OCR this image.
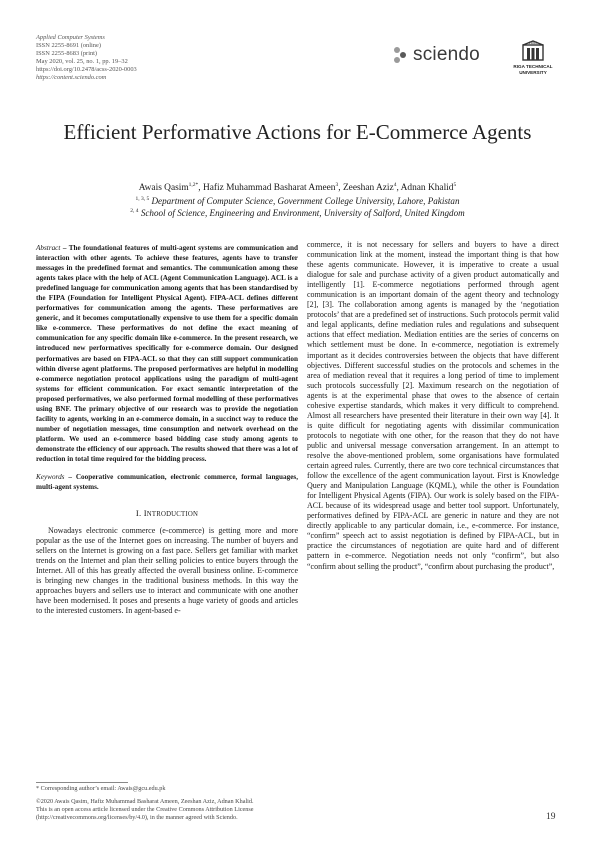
Applied Computer Systems
ISSN 2255-8691 (online)
ISSN 2255-8683 (print)
May 2020, vol. 25, no. 1, pp. 19–32
https://doi.org/10.2478/acss-2020-0003
https://content.sciendo.com
sciendo
1862
RIGA TECHNICAL
UNIVERSITY
Efficient Performative Actions for E-Commerce Agents
Awais Qasim$^{1,2*}$, Hafiz Muhammad Basharat Ameen$^3$, Zeeshan Aziz$^4$, Adnan Khalid$^5$
$^{1, 3, 5}$ Department of Computer Science, Government College University, Lahore, Pakistan
$^{2, 4}$ School of Science, Engineering and Environment, University of Salford, United Kingdom
Abstract – The foundational features of multi-agent systems are communication and interaction with other agents. To achieve these features, agents have to transfer messages in the predefined format and semantics. The communication among these agents takes place with the help of ACL (Agent Communication Language). ACL is a predefined language for communication among agents that has been standardised by the FIPA (Foundation for Intelligent Physical Agent). FIPA-ACL defines different performatives for communication among the agents. These performatives are generic, and it becomes computationally expensive to use them for a specific domain like e-commerce. These performatives do not define the exact meaning of communication for any specific domain like e-commerce. In the present research, we introduced new performatives specifically for e-commerce domain. Our designed performatives are based on FIPA-ACL so that they can still support communication within diverse agent platforms. The proposed performatives are helpful in modelling e-commerce negotiation protocol applications using the paradigm of multi-agent systems for efficient communication. For exact semantic interpretation of the proposed performatives, we also performed formal modelling of these performatives using BNF. The primary objective of our research was to provide the negotiation facility to agents, working in an e-commerce domain, in a succinct way to reduce the number of negotiation messages, time consumption and network overhead on the platform. We used an e-commerce based bidding case study among agents to demonstrate the efficiency of our approach. The results showed that there was a lot of reduction in total time required for the bidding process.
Keywords – Cooperative communication, electronic commerce, formal languages, multi-agent systems.
I. INTRODUCTION
Nowadays electronic commerce (e-commerce) is getting more and more popular as the use of the Internet goes on increasing. The number of buyers and sellers on the Internet is growing on a fast pace. Sellers get familiar with market trends on the Internet and plan their selling policies to entice buyers through the Internet. All of this has greatly affected the overall business online. E-commerce is bringing new changes in the traditional business methods. In this way the approaches buyers and sellers use to interact and communicate with one another have been modernised. It poses and presents a huge variety of goods and articles to the interested customers. In agent-based e-
commerce, it is not necessary for sellers and buyers to have a direct communication link at the moment, instead the important thing is that how these agents communicate. However, it is imperative to create a usual dialogue for sale and purchase activity of a given product automatically and intelligently [1]. E-commerce negotiations performed through agent communication is an important domain of the agent theory and technology [2], [3]. The collaboration among agents is managed by the ‘negotiation protocols’ that are a predefined set of instructions. Such protocols permit valid and legal applicants, define mediation rules and regulations and subsequent actions that effect mediation. Mediation entities are the series of concerns on which settlement must be done. In e-commerce, negotiation is extremely important as it decides controversies between the objects that have different objectives. Different successful studies on the protocols and schemes in the area of mediation reveal that it requires a long period of time to implement such protocols successfully [2]. Maximum research on the negotiation of agents is at the experimental phase that owes to the absence of certain cohesive expertise standards, which makes it very difficult to comprehend. Almost all researchers have presented their literature in their own way [4]. It is quite difficult for negotiating agents with dissimilar communication protocols to negotiate with one other, for the reason that they do not have public and universal message conversation arrangement. In an attempt to resolve the above-mentioned problem, some organisations have formulated certain agreed rules. Currently, there are two core technical circumstances that follow the excellence of the agent communication layout. First is Knowledge Query and Manipulation Language (KQML), while the other is Foundation for Intelligent Physical Agents (FIPA). Our work is solely based on the FIPA-ACL because of its widespread usage and better tool support. Unfortunately, performatives defined by FIPA-ACL are generic in nature and they are not directly applicable to any particular domain, i.e., e-commerce. For instance, “confirm” speech act to assist negotiation is defined by FIPA-ACL, but in practice the circumstances of negotiation are quite hard and of different pattern in e-commerce. Negotiation needs not only “confirm”, but also “confirm about selling the product”, “confirm about purchasing the product”,
* Corresponding author’s email: Awais@gcu.edu.pk
©2020 Awais Qasim, Hafiz Muhammad Basharat Ameen, Zeeshan Aziz, Adnan Khalid.
This is an open access article licensed under the Creative Commons Attribution License
(http://creativecommons.org/licenses/by/4.0), in the manner agreed with Sciendo.	19
